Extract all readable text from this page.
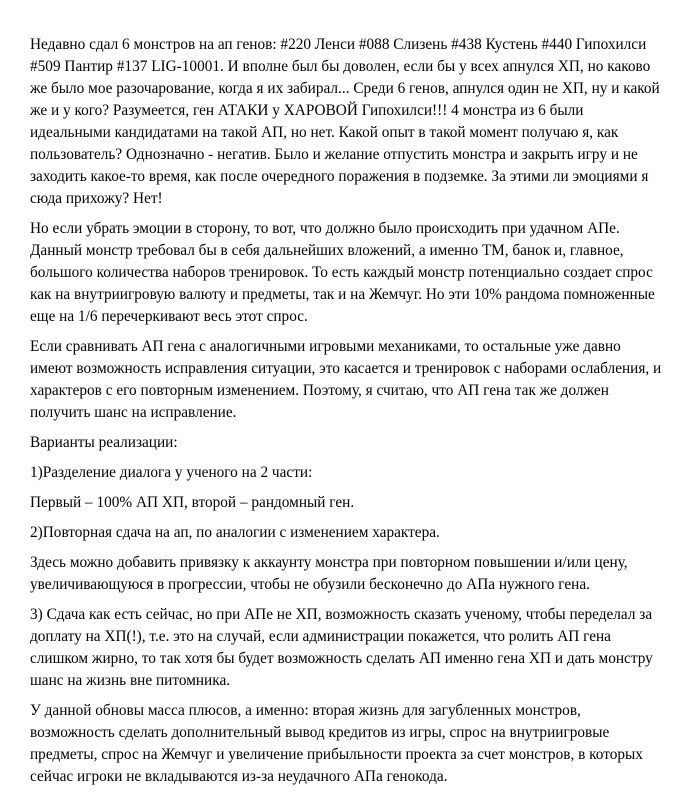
Недавно сдал 6 монстров на ап генов: #220 Ленси #088 Слизень #438 Кустень #440 Гипохилси #509 Пантир #137 LIG-10001. И вполне был бы доволен, если бы у всех апнулся ХП, но каково же было мое разочарование, когда я их забирал... Среди 6 генов, апнулся один не ХП, ну и какой же и у кого? Разумеется, ген АТАКИ у ХАРОВОЙ Гипохилси!!! 4 монстра из 6 были идеальными кандидатами на такой АП, но нет. Какой опыт в такой момент получаю я, как пользователь? Однозначно - негатив. Было и желание отпустить монстра и закрыть игру и не заходить какое-то время, как после очередного поражения в подземке. За этими ли эмоциями я сюда прихожу? Нет!

Но если убрать эмоции в сторону, то вот, что должно было происходить при удачном АПе. Данный монстр требовал бы в себя дальнейших вложений, а именно ТМ, банок и, главное, большого количества наборов тренировок. То есть каждый монстр потенциально создает спрос как на внутриигровую валюту и предметы, так и на Жемчуг. Но эти 10% рандома помноженные еще на 1/6 перечеркивают весь этот спрос.

Если сравнивать АП гена с аналогичными игровыми механиками, то остальные уже давно имеют возможность исправления ситуации, это касается и тренировок с наборами ослабления, и характеров с его повторным изменением. Поэтому, я считаю, что АП гена так же должен получить шанс на исправление.

Варианты реализации:

1)Разделение диалога у ученого на 2 части:

Первый – 100% АП ХП, второй – рандомный ген.

2)Повторная сдача на ап, по аналогии с изменением характера.

Здесь можно добавить привязку к аккаунту монстра при повторном повышении и/или цену, увеличивающуюся в прогрессии, чтобы не обузили бесконечно до АПа нужного гена.

3) Сдача как есть сейчас, но при АПе не ХП, возможность сказать ученому, чтобы переделал за доплату на ХП(!), т.е. это на случай, если администрации покажется, что ролить АП гена слишком жирно, то так хотя бы будет возможность сделать АП именно гена ХП и дать монстру шанс на жизнь вне питомника.

У данной обновы масса плюсов, а именно: вторая жизнь для загубленных монстров, возможность сделать дополнительный вывод кредитов из игры, спрос на внутриигровые предметы, спрос на Жемчуг и увеличение прибыльности проекта за счет монстров, в которых сейчас игроки не вкладываются из-за неудачного АПа генокода.
